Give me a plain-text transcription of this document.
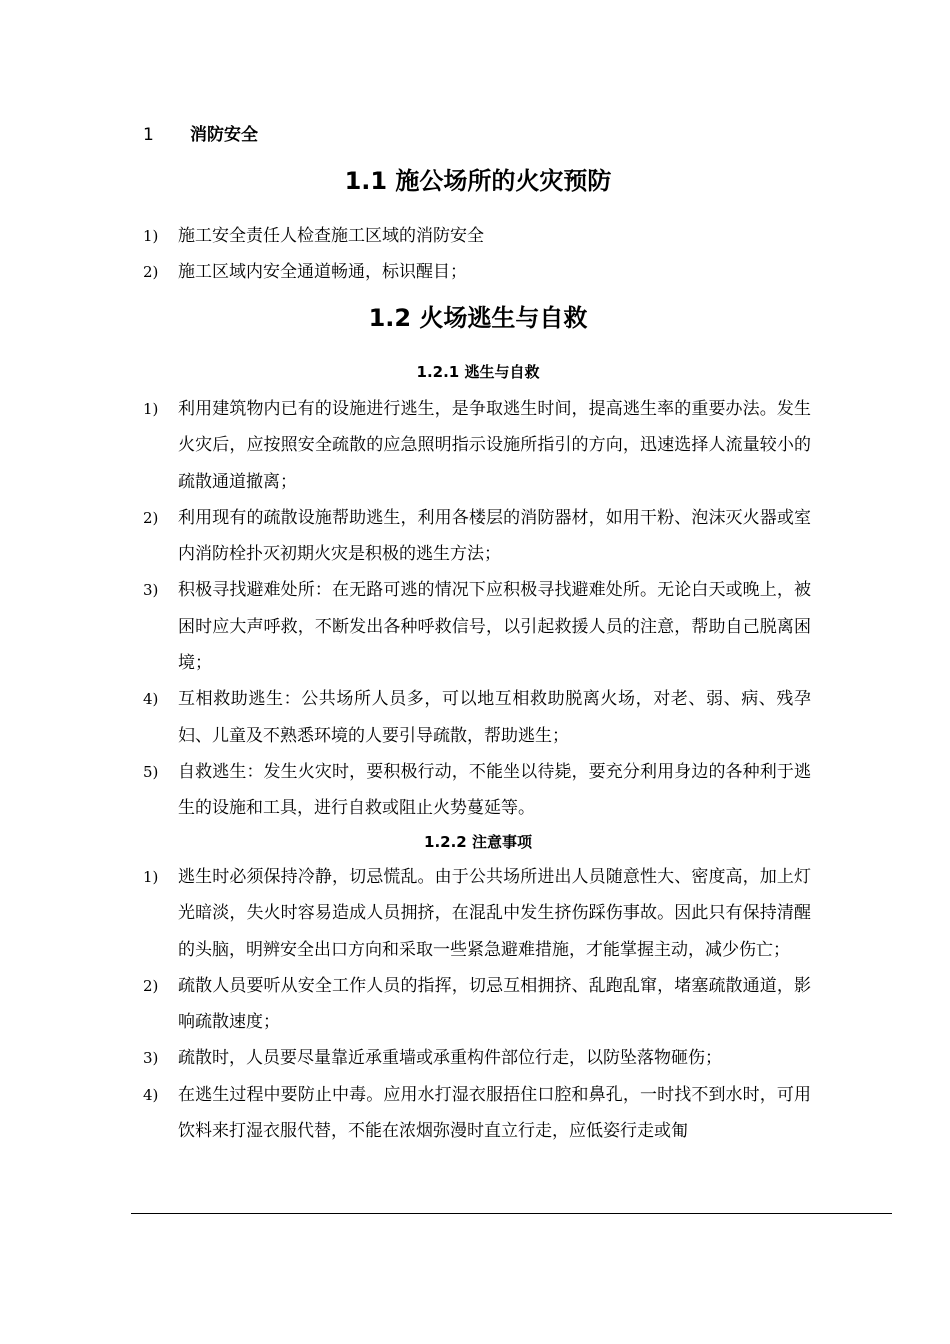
1 消防安全
1.1 施公场所的火灾预防
1) 施工安全责任人检查施工区域的消防安全
2) 施工区域内安全通道畅通，标识醒目；
1.2 火场逃生与自救
1.2.1 逃生与自救
1) 利用建筑物内已有的设施进行逃生，是争取逃生时间，提高逃生率的重要办法。发生火灾后，应按照安全疏散的应急照明指示设施所指引的方向，迅速选择人流量较小的疏散通道撤离；
2) 利用现有的疏散设施帮助逃生，利用各楼层的消防器材，如用干粉、泡沫灭火器或室内消防栓扑灭初期火灾是积极的逃生方法；
3) 积极寻找避难处所：在无路可逃的情况下应积极寻找避难处所。无论白天或晚上，被困时应大声呼救，不断发出各种呼救信号，以引起救援人员的注意，帮助自己脱离困境；
4) 互相救助逃生：公共场所人员多，可以地互相救助脱离火场，对老、弱、病、残孕妇、儿童及不熟悉环境的人要引导疏散，帮助逃生；
5) 自救逃生：发生火灾时，要积极行动，不能坐以待毙，要充分利用身边的各种利于逃生的设施和工具，进行自救或阻止火势蔓延等。
1.2.2 注意事项
1) 逃生时必须保持冷静，切忌慌乱。由于公共场所进出人员随意性大、密度高，加上灯光暗淡，失火时容易造成人员拥挤，在混乱中发生挤伤踩伤事故。因此只有保持清醒的头脑，明辨安全出口方向和采取一些紧急避难措施，才能掌握主动，减少伤亡；
2) 疏散人员要听从安全工作人员的指挥，切忌互相拥挤、乱跑乱窜，堵塞疏散通道，影响疏散速度；
3) 疏散时，人员要尽量靠近承重墙或承重构件部位行走，以防坠落物砸伤；
4) 在逃生过程中要防止中毒。应用水打湿衣服捂住口腔和鼻孔，一时找不到水时，可用饮料来打湿衣服代替，不能在浓烟弥漫时直立行走，应低姿行走或匍
